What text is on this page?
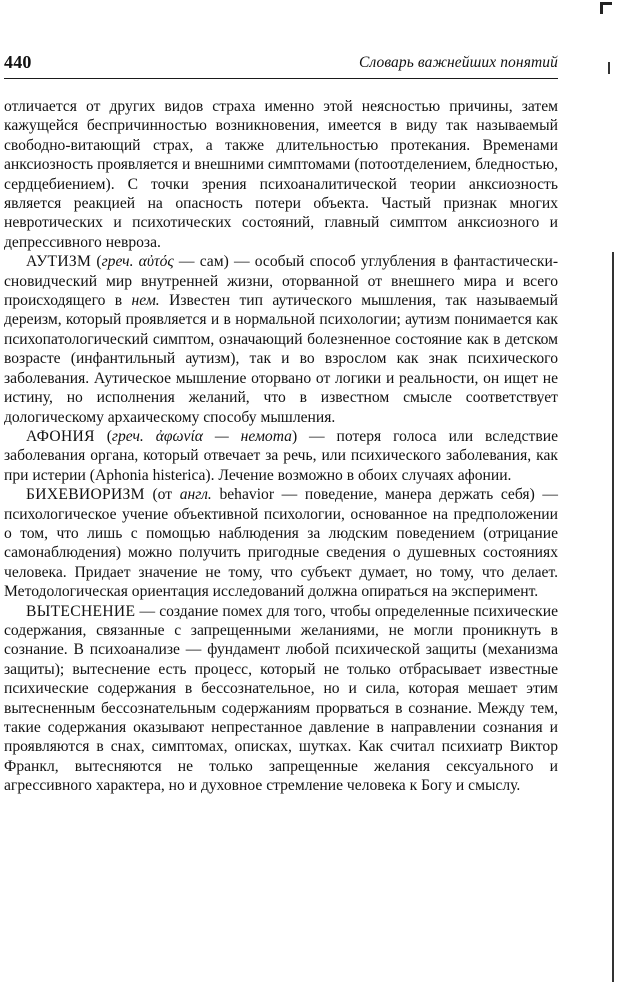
440	Словарь важнейших понятий

отличается от других видов страха именно этой неясностью причины, затем кажущейся беспричинностью возникновения, имеется в виду так называемый свободно-витающий страх, а также длительностью протекания. Временами анксиозность проявляется и внешними симптомами (потоотделением, бледностью, сердцебиением). С точки зрения психоаналитической теории анксиозность является реакцией на опасность потери объекта. Частый признак многих невротических и психотических состояний, главный симптом анксиозного и депрессивного невроза.

АУТИЗМ (греч. αὐτός — сам) — особый способ углубления в фантастически-сновидческий мир внутренней жизни, оторванной от внешнего мира и всего происходящего в нем. Известен тип аутического мышления, так называемый дереизм, который проявляется и в нормальной психологии; аутизм понимается как психопатологический симптом, означающий болезненное состояние как в детском возрасте (инфантильный аутизм), так и во взрослом как знак психического заболевания. Аутическое мышление оторвано от логики и реальности, он ищет не истину, но исполнения желаний, что в известном смысле соответствует дологическому архаическому способу мышления.

АФОНИЯ (греч. ἀφωνία — немота) — потеря голоса или вследствие заболевания органа, который отвечает за речь, или психического заболевания, как при истерии (Aphonia histerica). Лечение возможно в обоих случаях афонии.

БИХЕВИОРИЗМ (от англ. behavior — поведение, манера держать себя) — психологическое учение объективной психологии, основанное на предположении о том, что лишь с помощью наблюдения за людским поведением (отрицание самонаблюдения) можно получить пригодные сведения о душевных состояниях человека. Придает значение не тому, что субъект думает, но тому, что делает. Методологическая ориентация исследований должна опираться на эксперимент.

ВЫТЕСНЕНИЕ — создание помех для того, чтобы определенные психические содержания, связанные с запрещенными желаниями, не могли проникнуть в сознание. В психоанализе — фундамент любой психической защиты (механизма защиты); вытеснение есть процесс, который не только отбрасывает известные психические содержания в бессознательное, но и сила, которая мешает этим вытесненным бессознательным содержаниям прорваться в сознание. Между тем, такие содержания оказывают непрестанное давление в направлении сознания и проявляются в снах, симптомах, описках, шутках. Как считал психиатр Виктор Франкл, вытесняются не только запрещенные желания сексуального и агрессивного характера, но и духовное стремление человека к Богу и смыслу.
